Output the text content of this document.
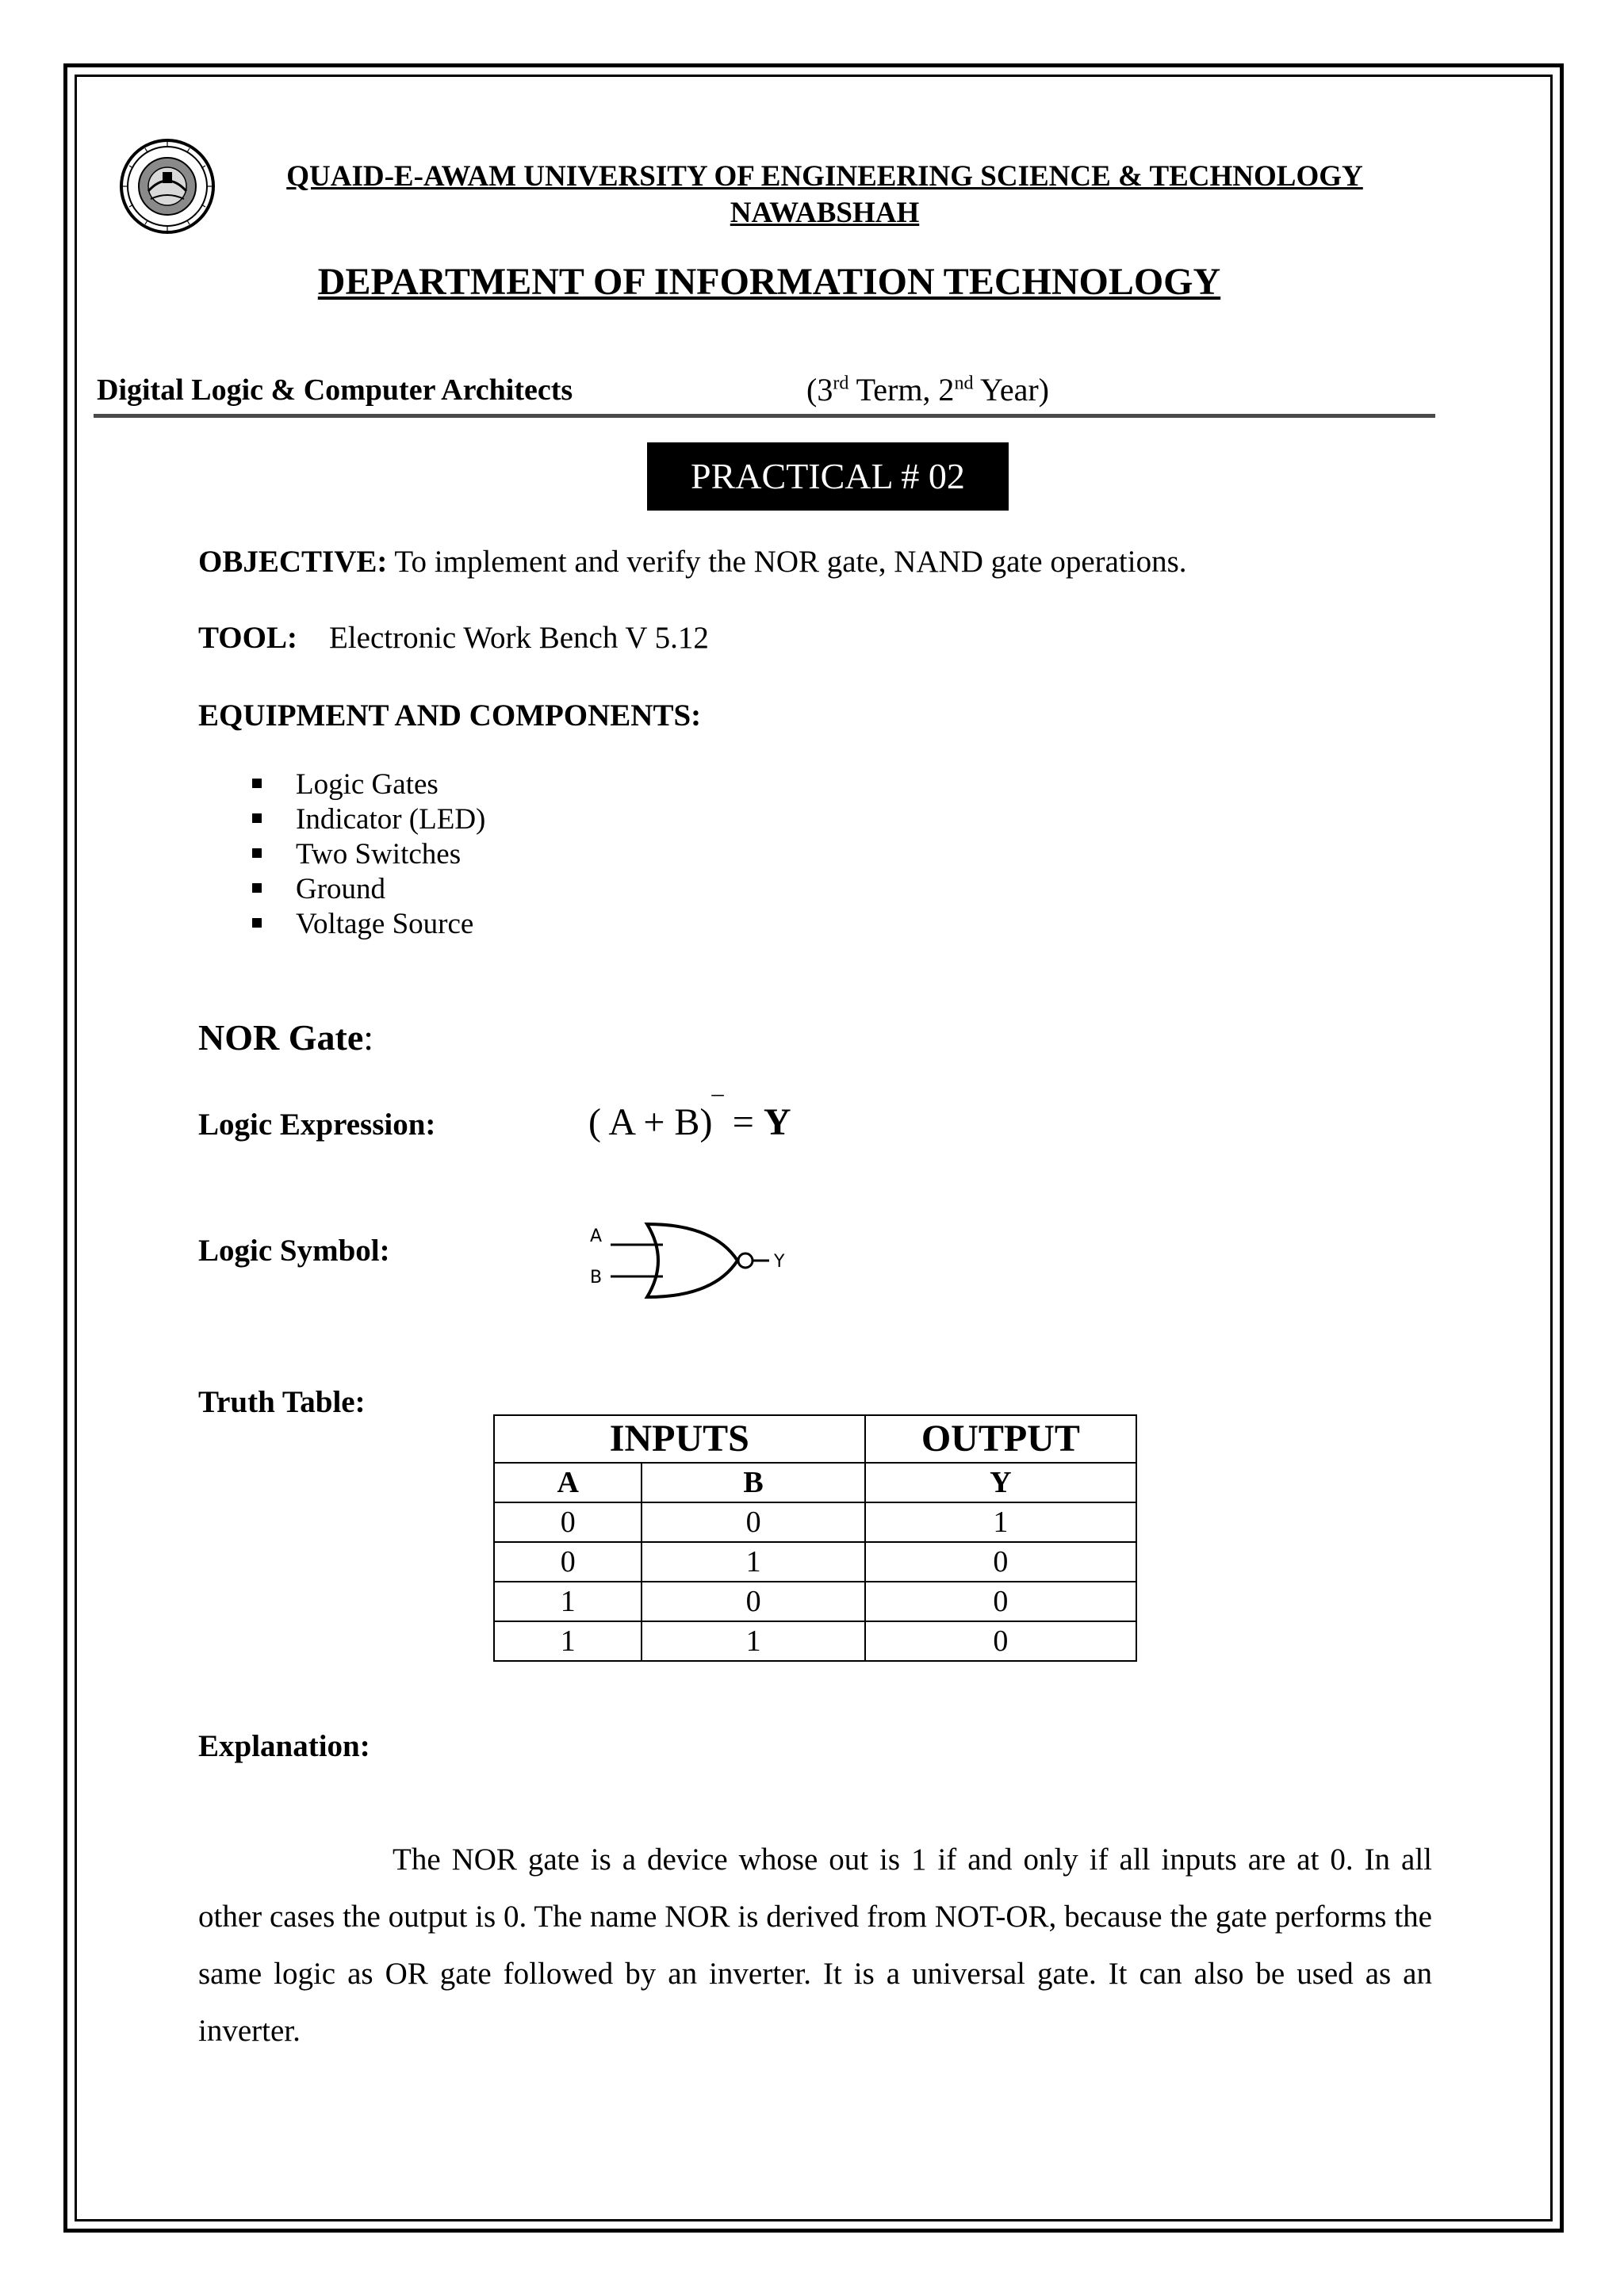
QUAID-E-AWAM UNIVERSITY OF ENGINEERING SCIENCE & TECHNOLOGY
NAWABSHAH
DEPARTMENT OF INFORMATION TECHNOLOGY
Digital Logic & Computer Architects	(3rd Term, 2nd Year)
PRACTICAL # 02
OBJECTIVE: To implement and verify the NOR gate, NAND gate operations.
TOOL: Electronic Work Bench V 5.12
EQUIPMENT AND COMPONENTS:
Logic Gates
Indicator (LED)
Two Switches
Ground
Voltage Source
NOR Gate:
Logic Expression:	( A + B)‾ = Y
Logic Symbol:	A
B
Y
Truth Table:
INPUTS		OUTPUT
A	B	Y
0	0	1
0	1	0
1	0	0
1	1	0
Explanation:

The NOR gate is a device whose out is 1 if and only if all inputs are at 0. In all other cases the output is 0. The name NOR is derived from NOT-OR, because the gate performs the same logic as OR gate followed by an inverter. It is a universal gate. It can also be used as an inverter.
